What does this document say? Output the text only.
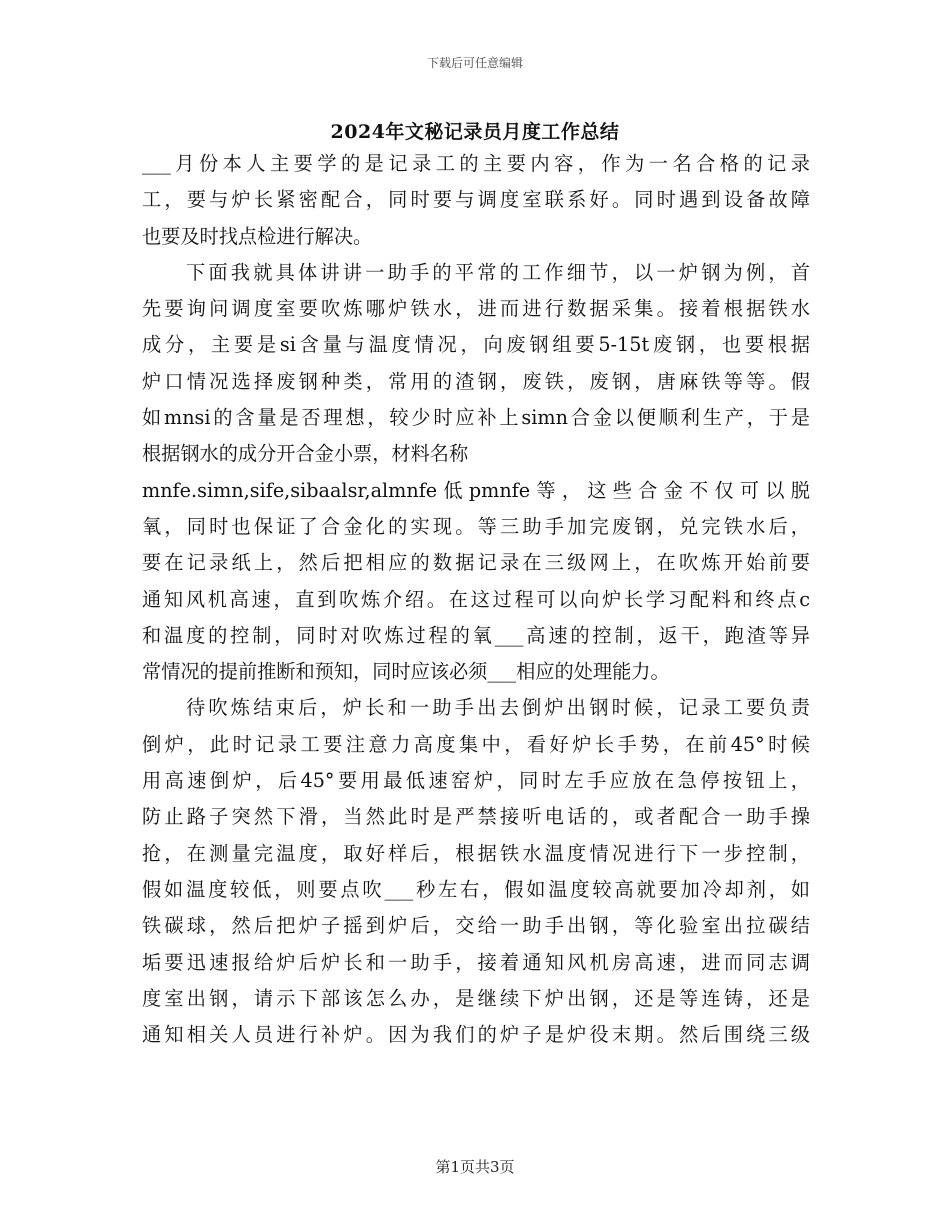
下载后可任意编辑
2024年文秘记录员月度工作总结
___月份本人主要学的是记录工的主要内容，作为一名合格的记录
工，要与炉长紧密配合，同时要与调度室联系好。同时遇到设备故障
也要及时找点检进行解决。
下面我就具体讲讲一助手的平常的工作细节，以一炉钢为例，首
先要询问调度室要吹炼哪炉铁水，进而进行数据采集。接着根据铁水
成分，主要是si含量与温度情况，向废钢组要5-15t废钢，也要根据
炉口情况选择废钢种类，常用的渣钢，废铁，废钢，唐麻铁等等。假
如mnsi的含量是否理想，较少时应补上simn合金以便顺利生产，于是
根据钢水的成分开合金小票，材料名称
mnfe.simn,sife,sibaalsr,almnfe低pmnfe等，这些合金不仅可以脱
氧，同时也保证了合金化的实现。等三助手加完废钢，兑完铁水后，
要在记录纸上，然后把相应的数据记录在三级网上，在吹炼开始前要
通知风机高速，直到吹炼介绍。在这过程可以向炉长学习配料和终点c
和温度的控制，同时对吹炼过程的氧___高速的控制，返干，跑渣等异
常情况的提前推断和预知，同时应该必须___相应的处理能力。
待吹炼结束后，炉长和一助手出去倒炉出钢时候，记录工要负责
倒炉，此时记录工要注意力高度集中，看好炉长手势，在前45°时候
用高速倒炉，后45°要用最低速窑炉，同时左手应放在急停按钮上，
防止路子突然下滑，当然此时是严禁接听电话的，或者配合一助手操
抢，在测量完温度，取好样后，根据铁水温度情况进行下一步控制，
假如温度较低，则要点吹___秒左右，假如温度较高就要加冷却剂，如
铁碳球，然后把炉子摇到炉后，交给一助手出钢，等化验室出拉碳结
垢要迅速报给炉后炉长和一助手，接着通知风机房高速，进而同志调
度室出钢，请示下部该怎么办，是继续下炉出钢，还是等连铸，还是
通知相关人员进行补炉。因为我们的炉子是炉役末期。然后围绕三级
第1页共3页
